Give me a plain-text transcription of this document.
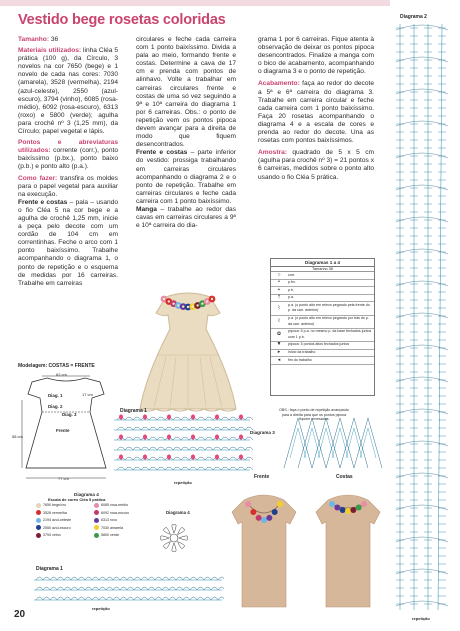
Vestido bege rosetas coloridas

Tamanho: 36

Materiais utilizados: linha Cléa 5 prática (100 g), da Círculo, 3 novelos na cor 7650 (bege) e 1 novelo de cada nas cores: 7030 (amarela), 3528 (vermelha), 2194 (azul-celeste), 2550 (azul-escuro), 3794 (vinho), 6085 (rosa-médio), 6092 (rosa-escuro), 6313 (roxo) e 5800 (verde); agulha para crochê nº 3 (1,25 mm), da Círculo; papel vegetal e lápis.

Pontos e abreviaturas utilizados: corrente (corr.), ponto baixíssimo (p.bx.), ponto baixo (p.b.) e ponto alto (p.a.).

Como fazer: transfira os moldes para o papel vegetal para auxiliar na execução.
Frente e costas – pala – usando o fio Cléa 5 na cor bege e a agulha de crochê 1,25 mm, inicie a peça pelo decote com um cordão de 104 cm em correntinhas. Feche o arco com 1 ponto baixíssimo. Trabalhe acompanhando o diagrama 1, o ponto de repetição e o esquema de medidas por 16 carreiras. Trabalhe em carreiras

circulares e feche cada carreira com 1 ponto baixíssimo. Divida a pala ao meio, formando frente e costas. Determine a cava de 17 cm e prenda com pontos de alinhavo. Volte a trabalhar em carreiras circulares frente e costas de uma só vez seguindo a 9ª e 10ª carreira do diagrama 1 por 6 carreiras. Obs.: o ponto de repetição vem os pontos pipoca devem avançar para a direita de modo que fiquem desencontrados.
Frente e costas – parte inferior do vestido: prossiga trabalhando em carreiras circulares acompanhando o diagrama 2 e o ponto de repetição. Trabalhe em carreiras circulares e feche cada carreira com 1 ponto baixíssimo.
Manga – trabalhe ao redor das cavas em carreiras circulares a 9ª e 10ª carreira do dia-

grama 1 por 6 carreiras. Fique atenta à observação de deixar os pontos pipoca desencontrados. Finalize a manga com o bico de acabamento, acompanhando o diagrama 3 e o ponto de repetição.

Acabamento: faça ao redor do decote a 5ª e 6ª carreira do diagrama 3. Trabalhe em carreira circular e feche cada carreira com 1 ponto baixíssimo. Faça 20 rosetas acompanhando o diagrama 4 e a escala de cores e prenda ao redor do decote. Una as rosetas com pontos baixíssimos.

Amostra: quadrado de 5 x 5 cm (agulha para crochê nº 3) = 21 pontos x 6 carreiras, medidos sobre o ponto alto usando o fio Cléa 5 prática.

Modelagem: COSTAS = FRENTE
62 cm
Diag. 1	17 cm
Diag. 2
Diag. 3
Frente
58 cm
77 cm
Diagrama 1
repetição
OBS.: faça o ponto de repetição avançando para a direita para que os pontos pipoca fiquem envesados
Diagrama 3
Diagramas 1 a 4
Tamanho 36
○	corr.
•	p.bx.
+	p.b.
†	p.a.
⌇	p.a. (o ponto alto em relevo pegando pela frente do p. da carr. anterior)
⌇	p.a. (o ponto alto em relevo pegando por trás do p. da carr. anterior)
✿	pipoca: 5 p.a. no mesmo p. da base fechados juntos com 1 p.b.
▼	pipoca: 5 pontos altos fechados juntos
▸	início da trabalho
◂	fim do trabalho
Diagrama 4
Escala de cores Cléa 5 prática
7650 bege/cru	6085 rosa-médio
3528 vermelha	6092 rosa-escuro
2194 azul-celeste	6313 roxo
2550 azul-escuro	7030 amarela
3794 vinho	5800 verde
Diagrama 4
Frente	Costas
Diagrama 1
repetição
Diagrama 2
repetição
20
